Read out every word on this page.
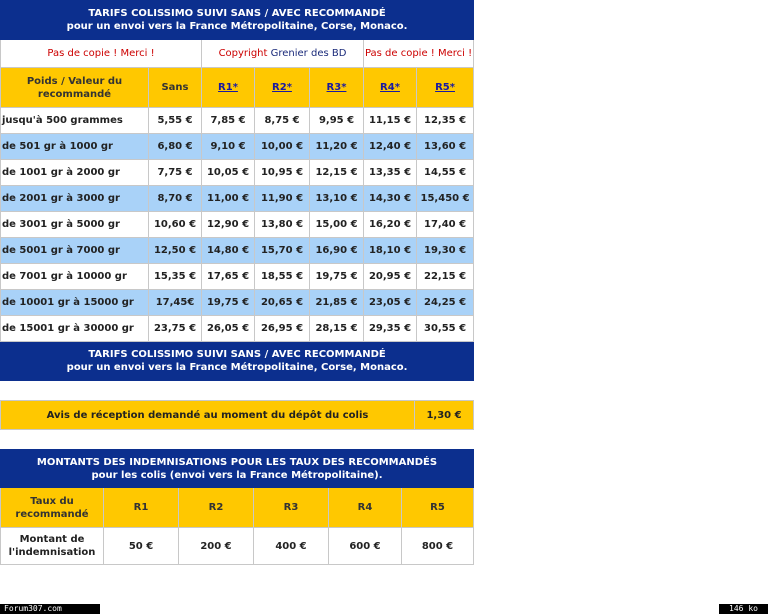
TARIFS COLISSIMO SUIVI SANS / AVEC RECOMMANDÉ
pour un envoi vers la France Métropolitaine, Corse, Monaco.						

Pas de copie ! Merci !		Copyright Grenier des BD			Pas de copie ! Merci !	
Poids / Valeur du recommandé	Sans	R1*	R2*	R3*	R4*	R5*
jusqu'à 500 grammes	5,55 €	7,85 €	8,75 €	9,95 €	11,15 €	12,35 €
de 501 gr à 1000 gr	6,80 €	9,10 €	10,00 €	11,20 €	12,40 €	13,60 €
de 1001 gr à 2000 gr	7,75 €	10,05 €	10,95 €	12,15 €	13,35 €	14,55 €
de 2001 gr à 3000 gr	8,70 €	11,00 €	11,90 €	13,10 €	14,30 €	15,450 €
de 3001 gr à 5000 gr	10,60 €	12,90 €	13,80 €	15,00 €	16,20 €	17,40 €
de 5001 gr à 7000 gr	12,50 €	14,80 €	15,70 €	16,90 €	18,10 €	19,30 €
de 7001 gr à 10000 gr	15,35 €	17,65 €	18,55 €	19,75 €	20,95 €	22,15 €
de 10001 gr à 15000 gr	17,45€	19,75 €	20,65 €	21,85 €	23,05 €	24,25 €
de 15001 gr à 30000 gr	23,75 €	26,05 €	26,95 €	28,15 €	29,35 €	30,55 €

TARIFS COLISSIMO SUIVI SANS / AVEC RECOMMANDÉ
pour un envoi vers la France Métropolitaine, Corse, Monaco.						
Avis de réception demandé au moment du dépôt du colis	1,30 €
MONTANTS DES INDEMNISATIONS POUR LES TAUX DES RECOMMANDÉS
pour les colis (envoi vers la France Métropolitaine).					

Taux du recommandé	R1	R2	R3	R4	R5
Montant de l'indemnisation	50 €	200 €	400 €	600 €	800 €
Forum307.com	146 ko
